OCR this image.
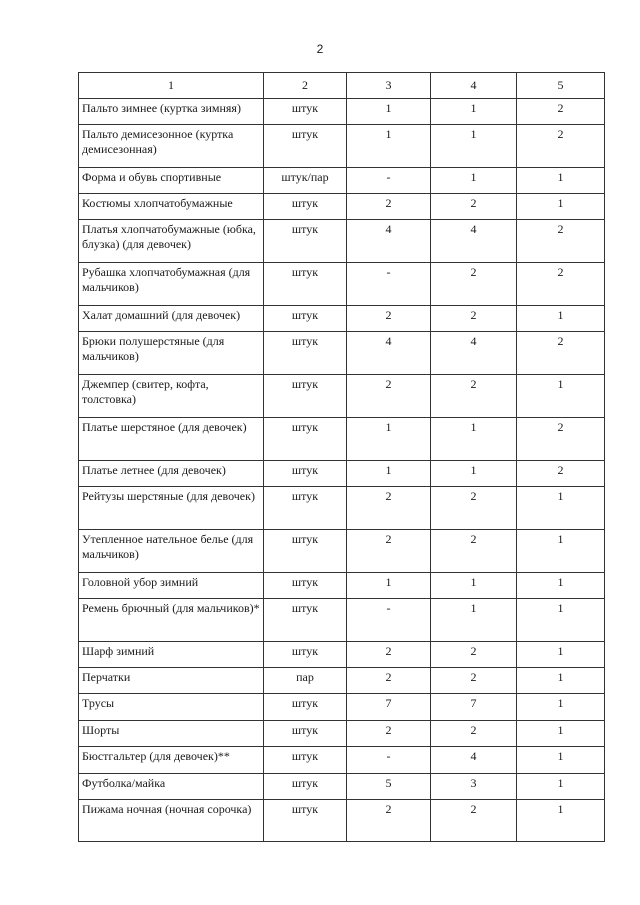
2
1	2	3	4	5
Пальто зимнее (куртка зимняя)	штук	1	1	2
Пальто демисезонное (куртка демисезонная)	штук	1	1	2
Форма и обувь спортивные	штук/пар	-	1	1
Костюмы хлопчатобумажные	штук	2	2	1
Платья хлопчатобумажные (юбка, блузка) (для девочек)	штук	4	4	2
Рубашка хлопчатобумажная (для мальчиков)	штук	-	2	2
Халат домашний (для девочек)	штук	2	2	1
Брюки полушерстяные (для мальчиков)	штук	4	4	2
Джемпер (свитер, кофта, толстовка)	штук	2	2	1
Платье шерстяное (для девочек)	штук	1	1	2
Платье летнее (для девочек)	штук	1	1	2
Рейтузы шерстяные (для девочек)	штук	2	2	1
Утепленное нательное белье (для мальчиков)	штук	2	2	1
Головной убор зимний	штук	1	1	1
Ремень брючный (для мальчиков)*	штук	-	1	1
Шарф зимний	штук	2	2	1
Перчатки	пар	2	2	1
Трусы	штук	7	7	1
Шорты	штук	2	2	1
Бюстгальтер (для девочек)**	штук	-	4	1
Футболка/майка	штук	5	3	1
Пижама ночная (ночная сорочка)	штук	2	2	1
